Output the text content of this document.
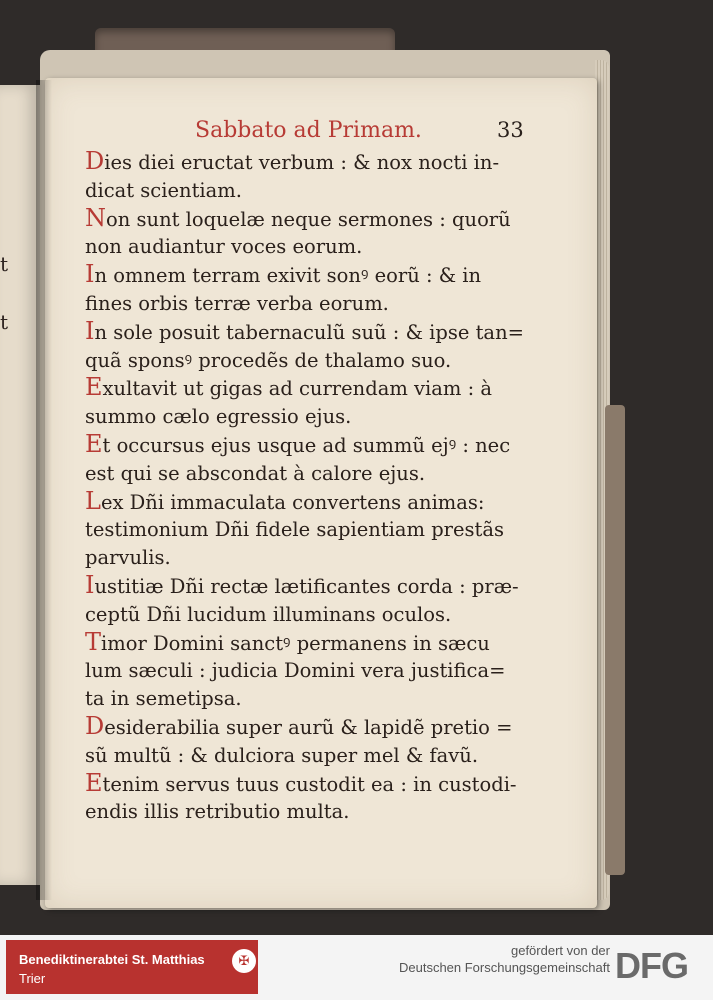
t
t
Sabbato ad Primam.	33
Dies diei eructat verbum : & nox nocti in-
dicat scientiam.
Non sunt loquelæ neque sermones : quorũ
non audiantur voces eorum.
In omnem terram exivit sonꝰ eorũ : & in
fines orbis terræ verba eorum.
In sole posuit tabernaculũ suũ : & ipse tan=
quã sponsꝰ procedẽs de thalamo suo.
Exultavit ut gigas ad currendam viam : à
summo cælo egressio ejus.
Et occursus ejus usque ad summũ ejꝰ : nec
est qui se abscondat à calore ejus.
Lex Dñi immaculata convertens animas:
testimonium Dñi fidele sapientiam prestãs
parvulis.
Iustitiæ Dñi rectæ lætificantes corda : præ-
ceptũ Dñi lucidum illuminans oculos.
Timor Domini sanctꝰ permanens in sæcu
lum sæculi : judicia Domini vera justifica=
ta in semetipsa.
Desiderabilia super aurũ & lapidẽ pretio =
sũ multũ : & dulciora super mel & favũ.
Etenim servus tuus custodit ea : in custodi-
endis illis retributio multa.
Benediktinerabtei St. Matthias
Trier
✠
gefördert von der
Deutschen Forschungsgemeinschaft DFG
